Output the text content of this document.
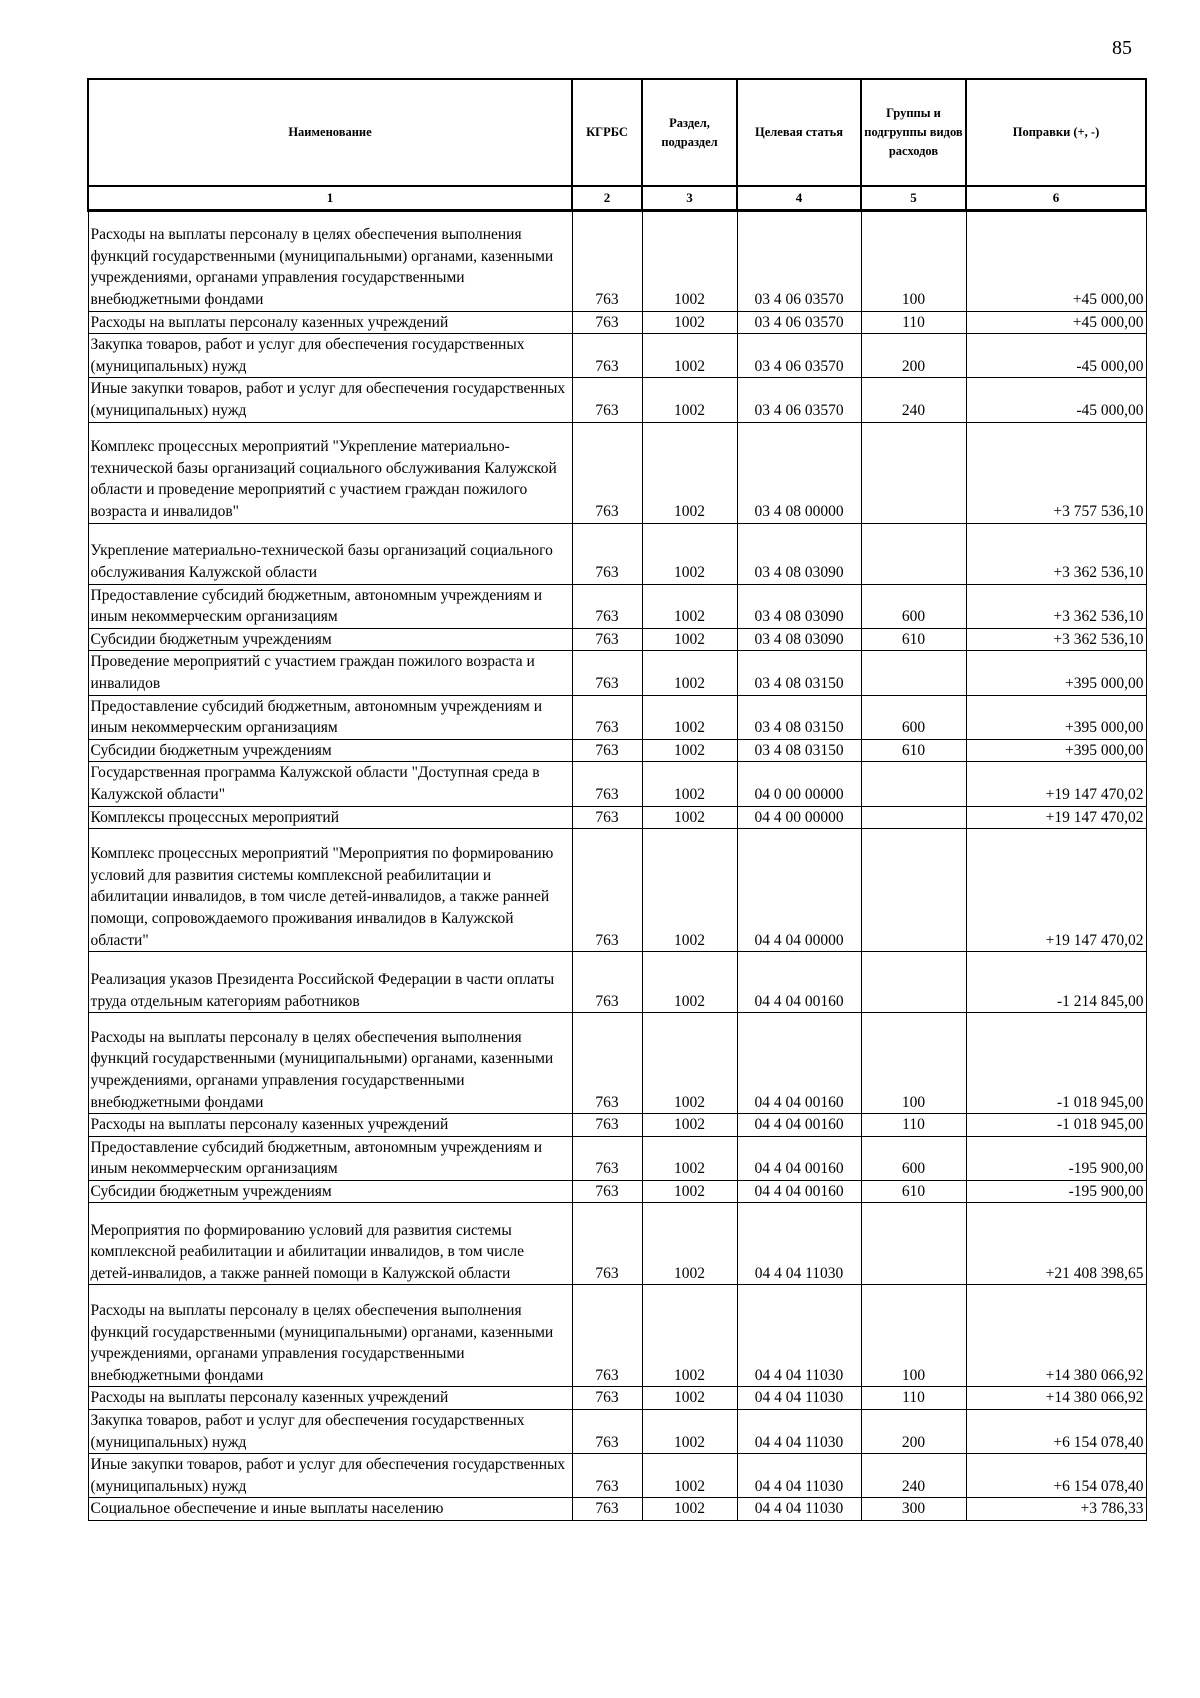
85
Наименование	КГРБС	Раздел, подраздел	Целевая статья	Группы и подгруппы видов расходов	Поправки (+, -)
1	2	3	4	5	6
Расходы на выплаты персоналу в целях обеспечения выполнения функций государственными (муниципальными) органами, казенными учреждениями, органами управления государственными внебюджетными фондами	763	1002	03 4 06 03570	100	+45 000,00
Расходы на выплаты персоналу казенных учреждений	763	1002	03 4 06 03570	110	+45 000,00
Закупка товаров, работ и услуг для обеспечения государственных (муниципальных) нужд	763	1002	03 4 06 03570	200	-45 000,00
Иные закупки товаров, работ и услуг для обеспечения государственных (муниципальных) нужд	763	1002	03 4 06 03570	240	-45 000,00
Комплекс процессных мероприятий "Укрепление материально-технической базы организаций социального обслуживания Калужской области и проведение мероприятий с участием граждан пожилого возраста и инвалидов"	763	1002	03 4 08 00000		+3 757 536,10
Укрепление материально-технической базы организаций социального обслуживания Калужской области	763	1002	03 4 08 03090		+3 362 536,10
Предоставление субсидий бюджетным, автономным учреждениям и иным некоммерческим организациям	763	1002	03 4 08 03090	600	+3 362 536,10
Субсидии бюджетным учреждениям	763	1002	03 4 08 03090	610	+3 362 536,10
Проведение мероприятий с участием граждан пожилого возраста и инвалидов	763	1002	03 4 08 03150		+395 000,00
Предоставление субсидий бюджетным, автономным учреждениям и иным некоммерческим организациям	763	1002	03 4 08 03150	600	+395 000,00
Субсидии бюджетным учреждениям	763	1002	03 4 08 03150	610	+395 000,00
Государственная программа Калужской области "Доступная среда в Калужской области"	763	1002	04 0 00 00000		+19 147 470,02
Комплексы процессных мероприятий	763	1002	04 4 00 00000		+19 147 470,02
Комплекс процессных мероприятий "Мероприятия по формированию условий для развития системы комплексной реабилитации и абилитации инвалидов, в том числе детей-инвалидов, а также ранней помощи, сопровождаемого проживания инвалидов в Калужской области"	763	1002	04 4 04 00000		+19 147 470,02
Реализация указов Президента Российской Федерации в части оплаты труда отдельным категориям работников	763	1002	04 4 04 00160		-1 214 845,00
Расходы на выплаты персоналу в целях обеспечения выполнения функций государственными (муниципальными) органами, казенными учреждениями, органами управления государственными внебюджетными фондами	763	1002	04 4 04 00160	100	-1 018 945,00
Расходы на выплаты персоналу казенных учреждений	763	1002	04 4 04 00160	110	-1 018 945,00
Предоставление субсидий бюджетным, автономным учреждениям и иным некоммерческим организациям	763	1002	04 4 04 00160	600	-195 900,00
Субсидии бюджетным учреждениям	763	1002	04 4 04 00160	610	-195 900,00
Мероприятия по формированию условий для развития системы комплексной реабилитации и абилитации инвалидов, в том числе детей-инвалидов, а также ранней помощи в Калужской области	763	1002	04 4 04 11030		+21 408 398,65
Расходы на выплаты персоналу в целях обеспечения выполнения функций государственными (муниципальными) органами, казенными учреждениями, органами управления государственными внебюджетными фондами	763	1002	04 4 04 11030	100	+14 380 066,92
Расходы на выплаты персоналу казенных учреждений	763	1002	04 4 04 11030	110	+14 380 066,92
Закупка товаров, работ и услуг для обеспечения государственных (муниципальных) нужд	763	1002	04 4 04 11030	200	+6 154 078,40
Иные закупки товаров, работ и услуг для обеспечения государственных (муниципальных) нужд	763	1002	04 4 04 11030	240	+6 154 078,40
Социальное обеспечение и иные выплаты населению	763	1002	04 4 04 11030	300	+3 786,33
